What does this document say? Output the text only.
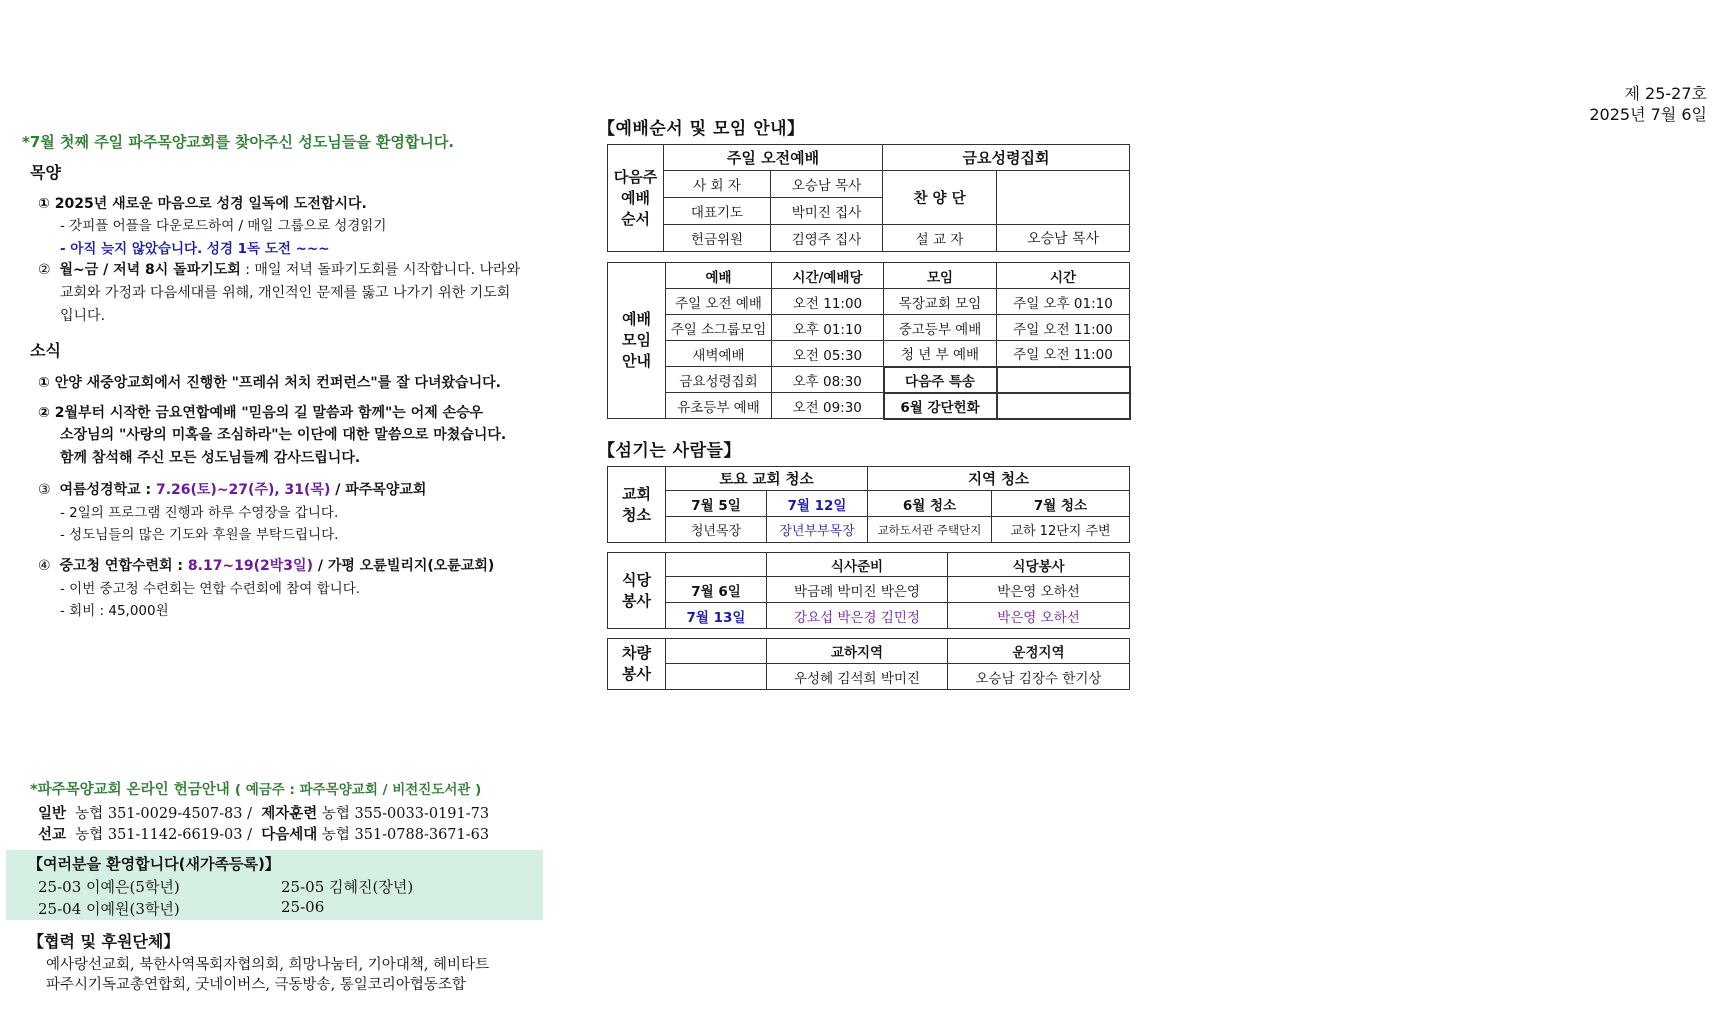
제 25-27호
2025년 7월 6일
*7월 첫째 주일 파주목양교회를 찾아주신 성도님들을 환영합니다.
목양
① 2025년 새로운 마음으로 성경 일독에 도전합시다.
- 갓피플 어플을 다운로드하여 / 매일 그룹으로 성경읽기
- 아직 늦지 않았습니다. 성경 1독 도전 ~~~
② 월~금 / 저녁 8시 돌파기도회 : 매일 저녁 돌파기도회를 시작합니다. 나라와
교회와 가정과 다음세대를 위해, 개인적인 문제를 뚫고 나가기 위한 기도회
입니다.
소식
① 안양 새중앙교회에서 진행한 "프레쉬 처치 컨퍼런스"를 잘 다녀왔습니다.
② 2월부터 시작한 금요연합예배 "믿음의 길 말씀과 함께"는 어제 손승우
소장님의 "사랑의 미혹을 조심하라"는 이단에 대한 말씀으로 마쳤습니다.
함께 참석해 주신 모든 성도님들께 감사드립니다.
③ 여름성경학교 : 7.26(토)~27(주), 31(목) / 파주목양교회
- 2일의 프로그램 진행과 하루 수영장을 갑니다.
- 성도님들의 많은 기도와 후원을 부탁드립니다.
④ 중고청 연합수련회 : 8.17~19(2박3일) / 가평 오륜빌리지(오륜교회)
- 이번 중고청 수련회는 연합 수련회에 참여 합니다.
- 회비 : 45,000원
*파주목양교회 온라인 헌금안내 ( 예금주 : 파주목양교회 / 비전진도서관 )
일반 농협 351-0029-4507-83 / 제자훈련 농협 355-0033-0191-73
선교 농협 351-1142-6619-03 / 다음세대 농협 351-0788-3671-63
【여러분을 환영합니다(새가족등록)】
25-03 이예은(5학년)	25-05 김혜진(장년)
25-04 이예원(3학년)	25-06
【협력 및 후원단체】
예사랑선교회, 북한사역목회자협의회, 희망나눔터, 기아대책, 헤비타트
파주시기독교총연합회, 굿네이버스, 극동방송, 통일코리아협동조합
【예배순서 및 모임 안내】
다음주
예배
순서	주일 오전예배		금요성령집회	
	사 회 자	오승남 목사	찬 양 단	
	대표기도	박미진 집사		
	헌금위원	김영주 집사	설 교 자	오승남 목사
예배
모임
안내	예배	시간/예배당	모임	시간
	주일 오전 예배	오전 11:00	목장교회 모임	주일 오후 01:10
	주일 소그룹모임	오후 01:10	중고등부 예배	주일 오전 11:00
	새벽예배	오전 05:30	청 년 부 예배	주일 오전 11:00
	금요성령집회	오후 08:30	다음주 특송	
	유초등부 예배	오전 09:30	6월 강단헌화	
【섬기는 사람들】
교회
청소	토요 교회 청소		지역 청소	
	7월 5일	7월 12일	6월 청소	7월 청소
	청년목장	장년부부목장	교하도서관 주택단지	교하 12단지 주변
식당
봉사		식사준비	식당봉사
	7월 6일	박금례 박미진 박은영	박은영 오하선
	7월 13일	강요섭 박은경 김민정	박은영 오하선
차량
봉사		교하지역	운정지역
		우성혜 김석희 박미진	오승남 김장수 한기상
